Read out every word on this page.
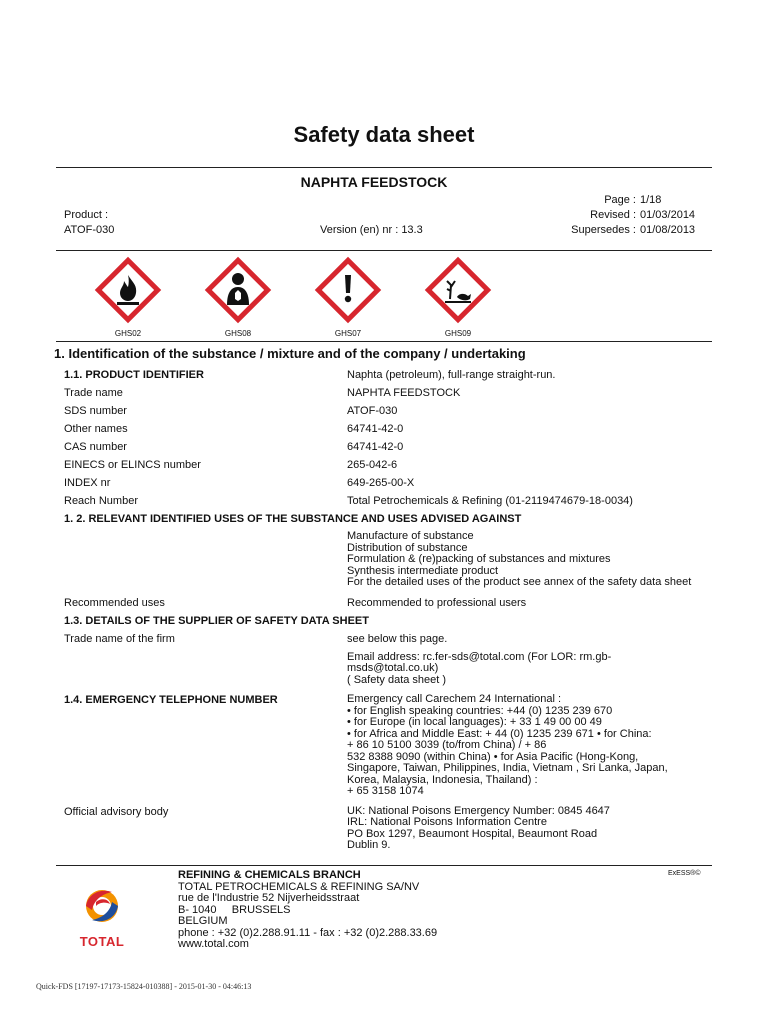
Safety data sheet
NAPHTA FEEDSTOCK
Product :
ATOF-030	Version (en) nr : 13.3
Page : 1/18
Revised : 01/03/2014
Supersedes : 01/08/2013
GHS02	GHS08	GHS07	GHS09
1. Identification of the substance / mixture and of the company / undertaking
1.1. PRODUCT IDENTIFIER	Naphta (petroleum), full-range straight-run.
Trade name	NAPHTA FEEDSTOCK
SDS number	ATOF-030
Other names	64741-42-0
CAS number	64741-42-0
EINECS or ELINCS number	265-042-6
INDEX nr	649-265-00-X
Reach Number	Total Petrochemicals & Refining (01-2119474679-18-0034)
1. 2. RELEVANT IDENTIFIED USES OF THE SUBSTANCE AND USES ADVISED AGAINST
Manufacture of substance
Distribution of substance
Formulation & (re)packing of substances and mixtures
Synthesis intermediate product
For the detailed uses of the product see annex of the safety data sheet
Recommended uses	Recommended to professional users
1.3. DETAILS OF THE SUPPLIER OF SAFETY DATA SHEET
Trade name of the firm	see below this page.
Email address: rc.fer-sds@total.com (For LOR: rm.gb-
msds@total.co.uk)
( Safety data sheet )
1.4. EMERGENCY TELEPHONE NUMBER	Emergency call Carechem 24 International :
• for English speaking countries: +44 (0) 1235 239 670
• for Europe (in local languages): + 33 1 49 00 00 49
• for Africa and Middle East: + 44 (0) 1235 239 671 • for China:
+ 86 10 5100 3039 (to/from China) / + 86
532 8388 9090 (within China) • for Asia Pacific (Hong-Kong,
Singapore, Taiwan, Philippines, India, Vietnam , Sri Lanka, Japan,
Korea, Malaysia, Indonesia, Thailand) :
+ 65 3158 1074
Official advisory body	UK: National Poisons Emergency Number: 0845 4647
IRL: National Poisons Information Centre
PO Box 1297, Beaumont Hospital, Beaumont Road
Dublin 9.
TOTAL
REFINING & CHEMICALS BRANCH
TOTAL PETROCHEMICALS & REFINING SA/NV
rue de l'Industrie 52 Nijverheidsstraat
B- 1040     BRUSSELS
BELGIUM
phone : +32 (0)2.288.91.11 - fax : +32 (0)2.288.33.69
www.total.com
ExESS®©
Quick-FDS [17197-17173-15824-010388] - 2015-01-30 - 04:46:13
